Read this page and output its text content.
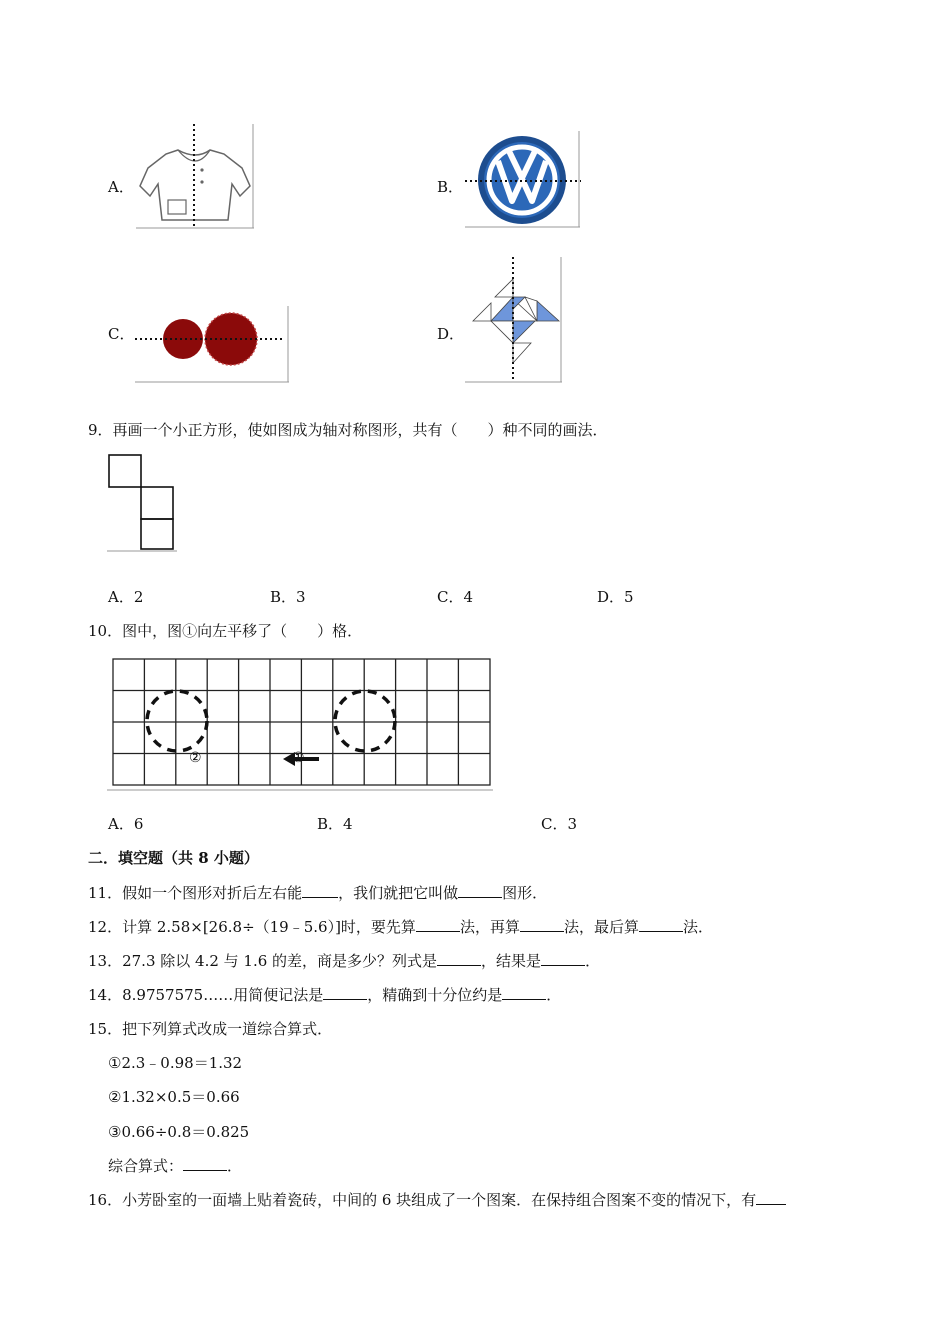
A．	B．
C．	D．
9．再画一个小正方形，使如图成为轴对称图形，共有（　　）种不同的画法．
A．2	B．3	C．4	D．5
10．图中，图①向左平移了（　　）格．
①
②
A．6	B．4	C．3
二．填空题（共 8 小题）
11．假如一个图形对折后左右能 ，我们就把它叫做	图形．
12．计算 2.58×[26.8÷（19﹣5.6）]时，要先算	法，再算	法，最后算	法．
13．27.3 除以 4.2 与 1.6 的差，商是多少？列式是	，结果是	．
14．8.9757575……用简便记法是	，精确到十分位约是	．
15．把下列算式改成一道综合算式．
①2.3﹣0.98＝1.32
②1.32×0.5＝0.66
③0.66÷0.8＝0.825
综合算式：	．
16．小芳卧室的一面墙上贴着瓷砖，中间的 6 块组成了一个图案．在保持组合图案不变的情况下，有
